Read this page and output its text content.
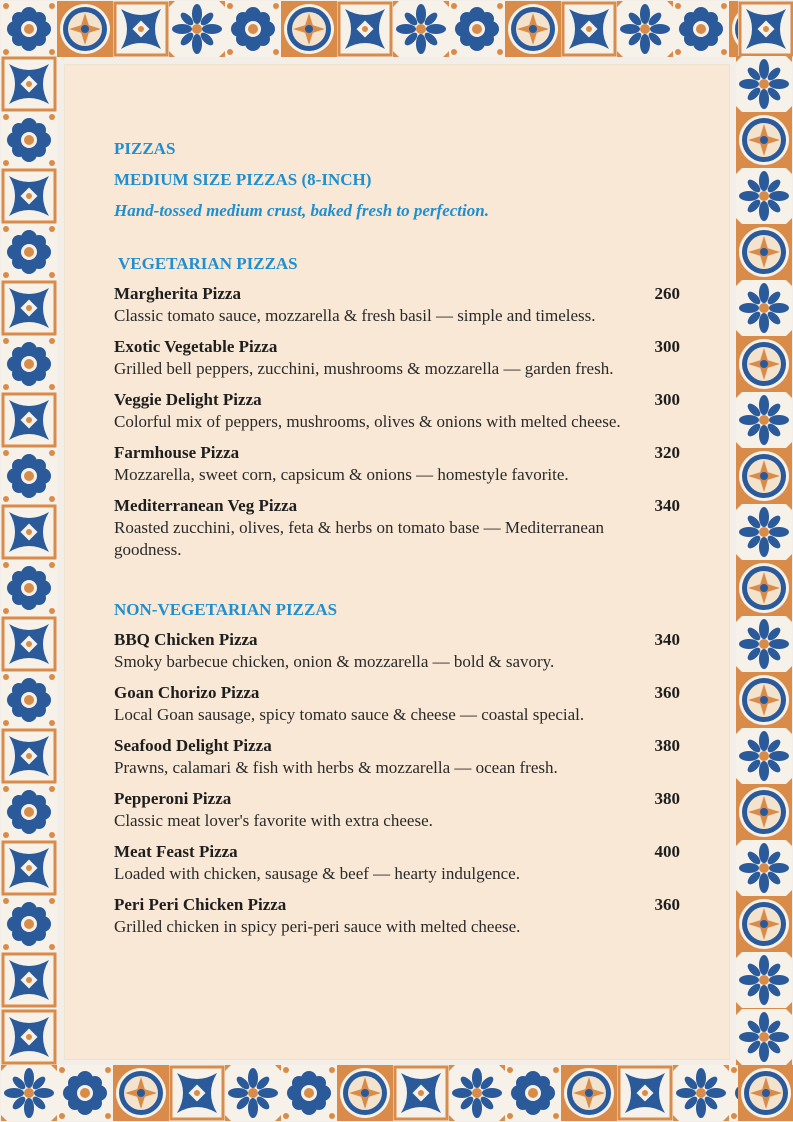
PIZZAS

MEDIUM SIZE PIZZAS (8-INCH)

Hand-tossed medium crust, baked fresh to perfection.

VEGETARIAN PIZZAS

Margherita Pizza	260
Classic tomato sauce, mozzarella & fresh basil — simple and timeless.
Exotic Vegetable Pizza	300
Grilled bell peppers, zucchini, mushrooms & mozzarella — garden fresh.
Veggie Delight Pizza	300
Colorful mix of peppers, mushrooms, olives & onions with melted cheese.
Farmhouse Pizza	320
Mozzarella, sweet corn, capsicum & onions — homestyle favorite.
Mediterranean Veg Pizza	340
Roasted zucchini, olives, feta & herbs on tomato base — Mediterranean goodness.

NON-VEGETARIAN PIZZAS

BBQ Chicken Pizza	340
Smoky barbecue chicken, onion & mozzarella — bold & savory.
Goan Chorizo Pizza	360
Local Goan sausage, spicy tomato sauce & cheese — coastal special.
Seafood Delight Pizza	380
Prawns, calamari & fish with herbs & mozzarella — ocean fresh.
Pepperoni Pizza	380
Classic meat lover's favorite with extra cheese.
Meat Feast Pizza	400
Loaded with chicken, sausage & beef — hearty indulgence.
Peri Peri Chicken Pizza	360
Grilled chicken in spicy peri-peri sauce with melted cheese.
